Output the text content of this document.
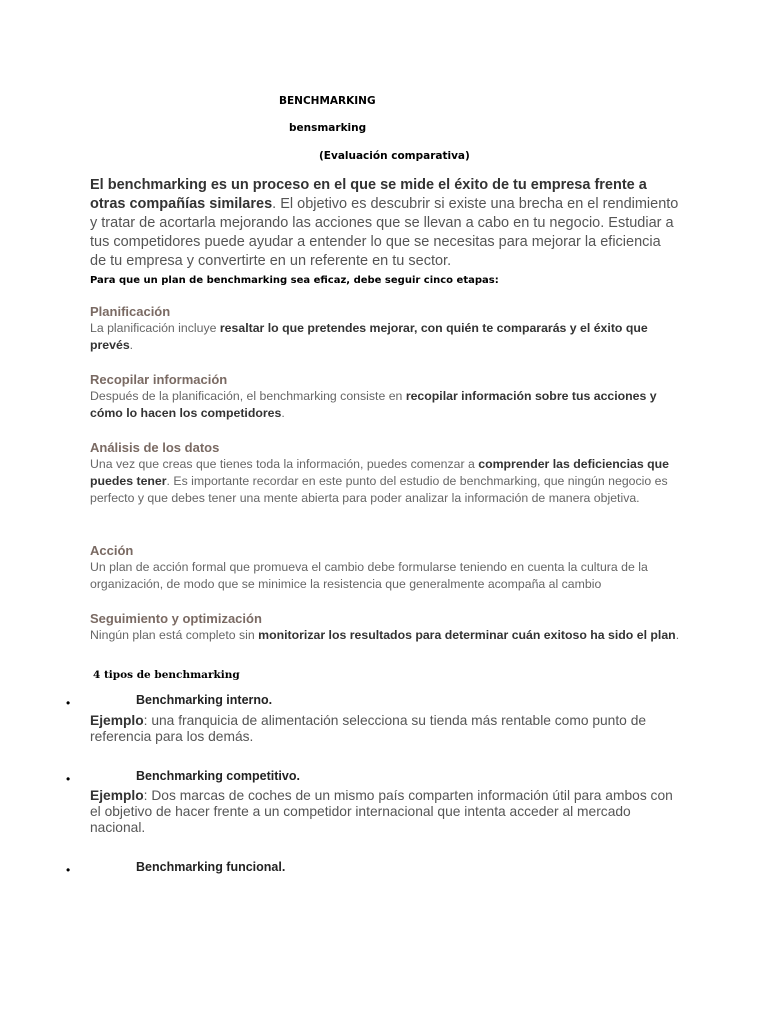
BENCHMARKING
bensmarking
(Evaluación comparativa)
El benchmarking es un proceso en el que se mide el éxito de tu empresa frente a otras compañías similares. El objetivo es descubrir si existe una brecha en el rendimiento y tratar de acortarla mejorando las acciones que se llevan a cabo en tu negocio. Estudiar a tus competidores puede ayudar a entender lo que se necesitas para mejorar la eficiencia de tu empresa y convertirte en un referente en tu sector.
Para que un plan de benchmarking sea eficaz, debe seguir cinco etapas:
Planificación

La planificación incluye resaltar lo que pretendes mejorar, con quién te compararás y el éxito que prevés.

Recopilar información

Después de la planificación, el benchmarking consiste en recopilar información sobre tus acciones y cómo lo hacen los competidores.

Análisis de los datos

Una vez que creas que tienes toda la información, puedes comenzar a comprender las deficiencias que puedes tener. Es importante recordar en este punto del estudio de benchmarking, que ningún negocio es perfecto y que debes tener una mente abierta para poder analizar la información de manera objetiva.

Acción

Un plan de acción formal que promueva el cambio debe formularse teniendo en cuenta la cultura de la organización, de modo que se minimice la resistencia que generalmente acompaña al cambio

Seguimiento y optimización

Ningún plan está completo sin monitorizar los resultados para determinar cuán exitoso ha sido el plan.

4 tipos de benchmarking
•	Benchmarking interno.
Ejemplo: una franquicia de alimentación selecciona su tienda más rentable como punto de referencia para los demás.
•	Benchmarking competitivo.
Ejemplo: Dos marcas de coches de un mismo país comparten información útil para ambos con el objetivo de hacer frente a un competidor internacional que intenta acceder al mercado nacional.
•	Benchmarking funcional.
